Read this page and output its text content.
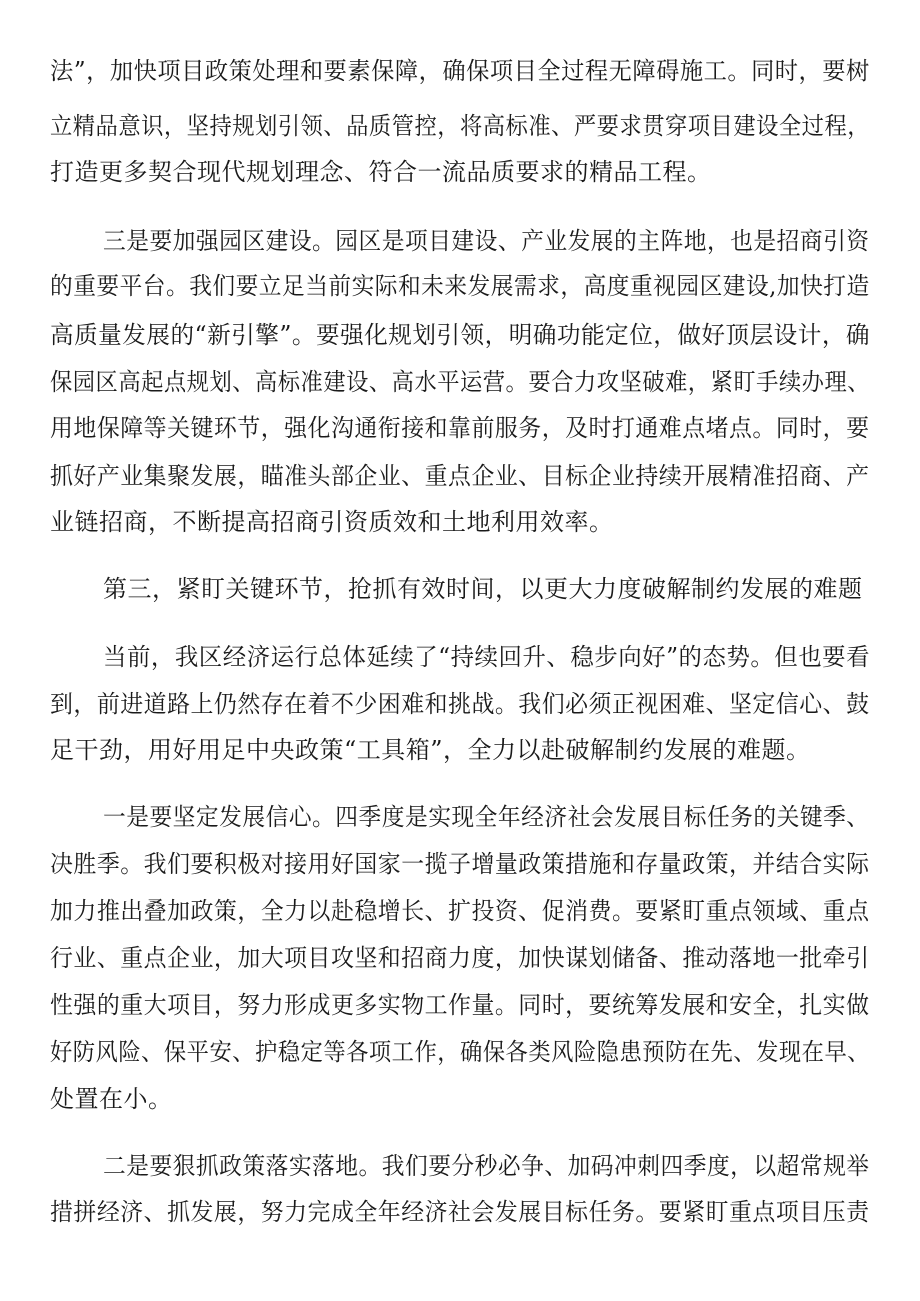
法”，加快项目政策处理和要素保障，确保项目全过程无障碍施工。同时，要树
立精品意识，坚持规划引领、品质管控，将高标准、严要求贯穿项目建设全过程，
打造更多契合现代规划理念、符合一流品质要求的精品工程。
三是要加强园区建设。园区是项目建设、产业发展的主阵地，也是招商引资
的重要平台。我们要立足当前实际和未来发展需求，高度重视园区建设,加快打造
高质量发展的“新引擎”。要强化规划引领，明确功能定位，做好顶层设计，确
保园区高起点规划、高标准建设、高水平运营。要合力攻坚破难，紧盯手续办理、
用地保障等关键环节，强化沟通衔接和靠前服务，及时打通难点堵点。同时，要
抓好产业集聚发展，瞄准头部企业、重点企业、目标企业持续开展精准招商、产
业链招商，不断提高招商引资质效和土地利用效率。
第三，紧盯关键环节，抢抓有效时间，以更大力度破解制约发展的难题
当前，我区经济运行总体延续了“持续回升、稳步向好”的态势。但也要看
到，前进道路上仍然存在着不少困难和挑战。我们必须正视困难、坚定信心、鼓
足干劲，用好用足中央政策“工具箱”，全力以赴破解制约发展的难题。
一是要坚定发展信心。四季度是实现全年经济社会发展目标任务的关键季、
决胜季。我们要积极对接用好国家一揽子增量政策措施和存量政策，并结合实际
加力推出叠加政策，全力以赴稳增长、扩投资、促消费。要紧盯重点领域、重点
行业、重点企业，加大项目攻坚和招商力度，加快谋划储备、推动落地一批牵引
性强的重大项目，努力形成更多实物工作量。同时，要统筹发展和安全，扎实做
好防风险、保平安、护稳定等各项工作，确保各类风险隐患预防在先、发现在早、
处置在小。
二是要狠抓政策落实落地。我们要分秒必争、加码冲刺四季度，以超常规举
措拼经济、抓发展，努力完成全年经济社会发展目标任务。要紧盯重点项目压责
